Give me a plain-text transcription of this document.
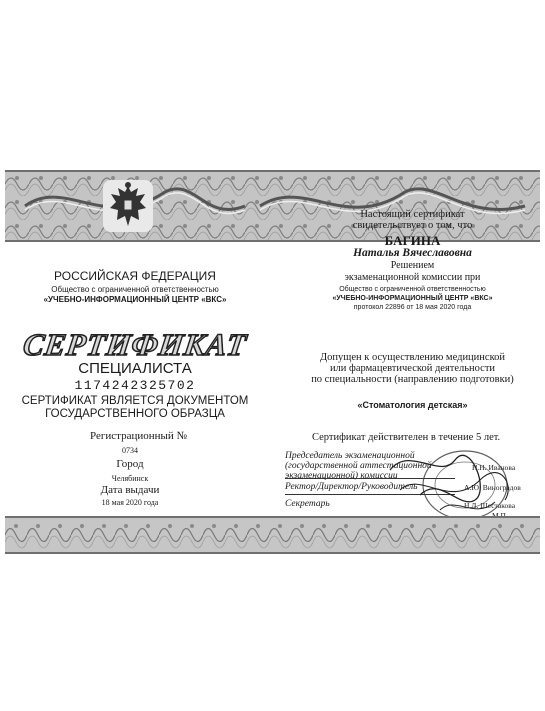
РОССИЙСКАЯ ФЕДЕРАЦИЯ
Общество с ограниченной ответственностью
«УЧЕБНО-ИНФОРМАЦИОННЫЙ ЦЕНТР «ВКС»
СЕРТИФИКАТ
СПЕЦИАЛИСТА
1174242325702
СЕРТИФИКАТ ЯВЛЯЕТСЯ ДОКУМЕНТОМ
ГОСУДАРСТВЕННОГО ОБРАЗЦА
Регистрационный №
0734
Город
Челябинск
Дата выдачи
18 мая 2020 года
Настоящий сертификат
свидетельствует о том, что
БАГИНА
Наталья Вячеславовна
Решением
экзаменационной комиссии при
Общество с ограниченной ответственностью
«УЧЕБНО-ИНФОРМАЦИОННЫЙ ЦЕНТР «ВКС»
протокол 22896 от 18 мая 2020 года
Допущен к осуществлению медицинской
или фармацевтической деятельности
по специальности (направлению подготовки)
«Стоматология детская»
Сертификат действителен в течение 5 лет.
Председатель экзаменационной
(государственной аттестационной
экзаменационной) комиссии
Н.Н. Иванова
Ректор/Директор/Руководитель	А.Ю. Виноградов
Секретарь	Н.Л. Шестакова
